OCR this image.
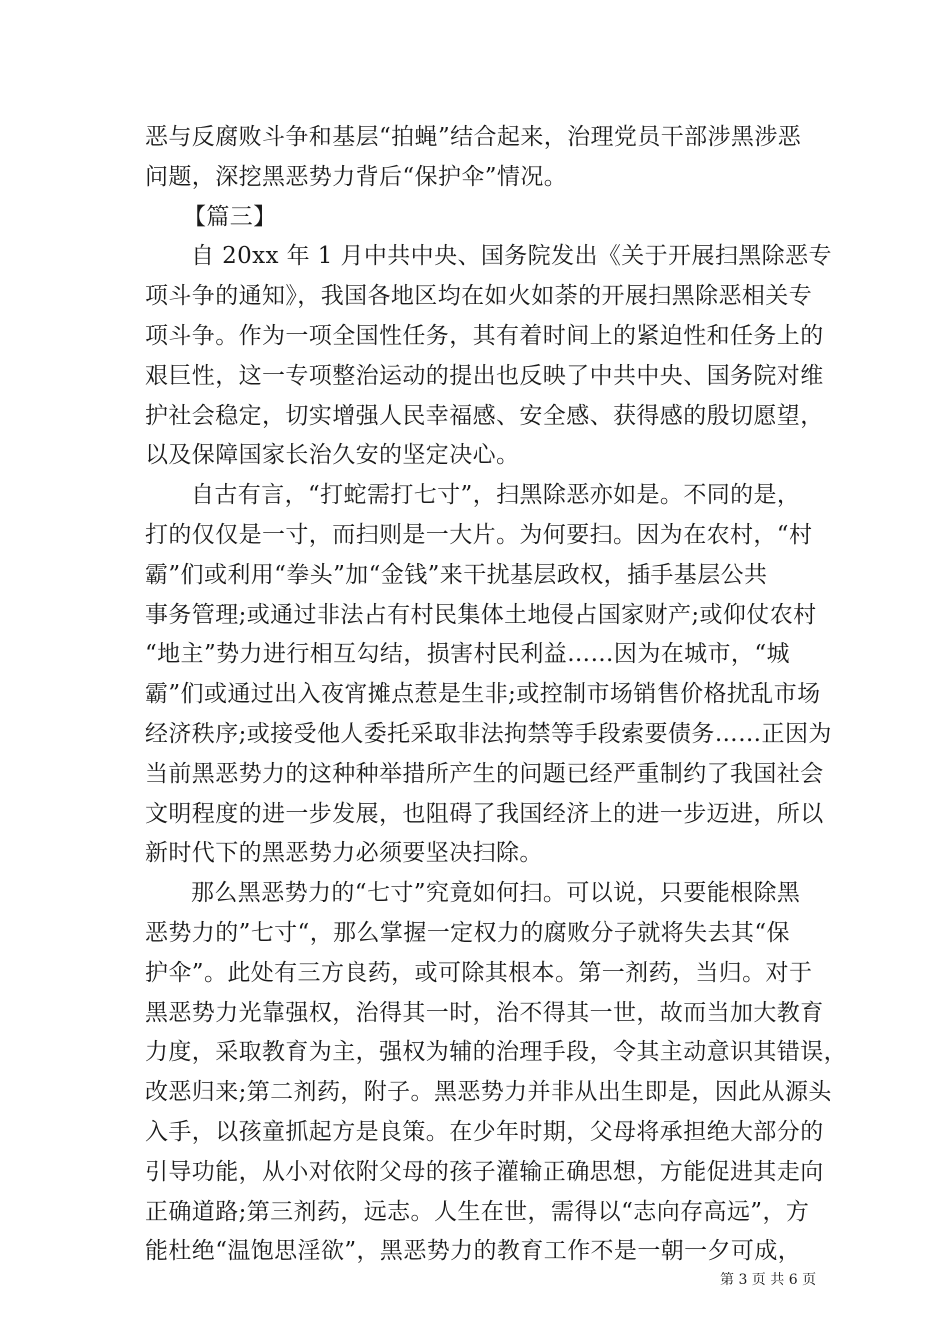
恶与反腐败斗争和基层“拍蝇”结合起来，治理党员干部涉黑涉恶
问题，深挖黑恶势力背后“保护伞”情况。
【篇三】
自 20xx 年 1 月中共中央、国务院发出《关于开展扫黑除恶专
项斗争的通知》，我国各地区均在如火如荼的开展扫黑除恶相关专
项斗争。作为一项全国性任务，其有着时间上的紧迫性和任务上的
艰巨性，这一专项整治运动的提出也反映了中共中央、国务院对维
护社会稳定，切实增强人民幸福感、安全感、获得感的殷切愿望，
以及保障国家长治久安的坚定决心。
自古有言，“打蛇需打七寸”，扫黑除恶亦如是。不同的是，
打的仅仅是一寸，而扫则是一大片。为何要扫。因为在农村，“村
霸”们或利用“拳头”加“金钱”来干扰基层政权，插手基层公共
事务管理;或通过非法占有村民集体土地侵占国家财产;或仰仗农村
“地主”势力进行相互勾结，损害村民利益……因为在城市，“城
霸”们或通过出入夜宵摊点惹是生非;或控制市场销售价格扰乱市场
经济秩序;或接受他人委托采取非法拘禁等手段索要债务……正因为
当前黑恶势力的这种种举措所产生的问题已经严重制约了我国社会
文明程度的进一步发展，也阻碍了我国经济上的进一步迈进，所以
新时代下的黑恶势力必须要坚决扫除。
那么黑恶势力的“七寸”究竟如何扫。可以说，只要能根除黑
恶势力的”七寸“，那么掌握一定权力的腐败分子就将失去其“保
护伞”。此处有三方良药，或可除其根本。第一剂药，当归。对于
黑恶势力光靠强权，治得其一时，治不得其一世，故而当加大教育
力度，采取教育为主，强权为辅的治理手段，令其主动意识其错误，
改恶归来;第二剂药，附子。黑恶势力并非从出生即是，因此从源头
入手，以孩童抓起方是良策。在少年时期，父母将承担绝大部分的
引导功能，从小对依附父母的孩子灌输正确思想，方能促进其走向
正确道路;第三剂药，远志。人生在世，需得以“志向存高远”，方
能杜绝“温饱思淫欲”，黑恶势力的教育工作不是一朝一夕可成，
第 3 页 共 6 页
